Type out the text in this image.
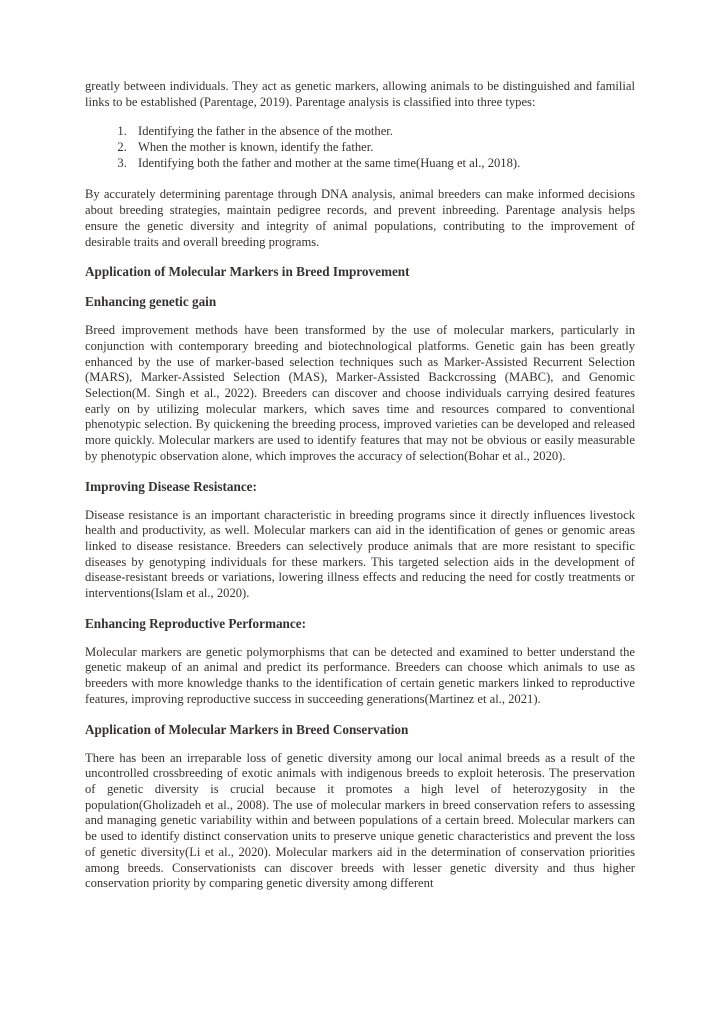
greatly between individuals. They act as genetic markers, allowing animals to be distinguished and familial links to be established (Parentage, 2019). Parentage analysis is classified into three types:

1. Identifying the father in the absence of the mother.
2. When the mother is known, identify the father.
3. Identifying both the father and mother at the same time(Huang et al., 2018).

By accurately determining parentage through DNA analysis, animal breeders can make informed decisions about breeding strategies, maintain pedigree records, and prevent inbreeding. Parentage analysis helps ensure the genetic diversity and integrity of animal populations, contributing to the improvement of desirable traits and overall breeding programs.

Application of Molecular Markers in Breed Improvement
Enhancing genetic gain

Breed improvement methods have been transformed by the use of molecular markers, particularly in conjunction with contemporary breeding and biotechnological platforms. Genetic gain has been greatly enhanced by the use of marker-based selection techniques such as Marker-Assisted Recurrent Selection (MARS), Marker-Assisted Selection (MAS), Marker-Assisted Backcrossing (MABC), and Genomic Selection(M. Singh et al., 2022). Breeders can discover and choose individuals carrying desired features early on by utilizing molecular markers, which saves time and resources compared to conventional phenotypic selection. By quickening the breeding process, improved varieties can be developed and released more quickly. Molecular markers are used to identify features that may not be obvious or easily measurable by phenotypic observation alone, which improves the accuracy of selection(Bohar et al., 2020).

Improving Disease Resistance:

Disease resistance is an important characteristic in breeding programs since it directly influences livestock health and productivity, as well. Molecular markers can aid in the identification of genes or genomic areas linked to disease resistance. Breeders can selectively produce animals that are more resistant to specific diseases by genotyping individuals for these markers. This targeted selection aids in the development of disease-resistant breeds or variations, lowering illness effects and reducing the need for costly treatments or interventions(Islam et al., 2020).

Enhancing Reproductive Performance:

Molecular markers are genetic polymorphisms that can be detected and examined to better understand the genetic makeup of an animal and predict its performance. Breeders can choose which animals to use as breeders with more knowledge thanks to the identification of certain genetic markers linked to reproductive features, improving reproductive success in succeeding generations(Martinez et al., 2021).

Application of Molecular Markers in Breed Conservation

There has been an irreparable loss of genetic diversity among our local animal breeds as a result of the uncontrolled crossbreeding of exotic animals with indigenous breeds to exploit heterosis. The preservation of genetic diversity is crucial because it promotes a high level of heterozygosity in the population(Gholizadeh et al., 2008). The use of molecular markers in breed conservation refers to assessing and managing genetic variability within and between populations of a certain breed. Molecular markers can be used to identify distinct conservation units to preserve unique genetic characteristics and prevent the loss of genetic diversity(Li et al., 2020). Molecular markers aid in the determination of conservation priorities among breeds. Conservationists can discover breeds with lesser genetic diversity and thus higher conservation priority by comparing genetic diversity among different
